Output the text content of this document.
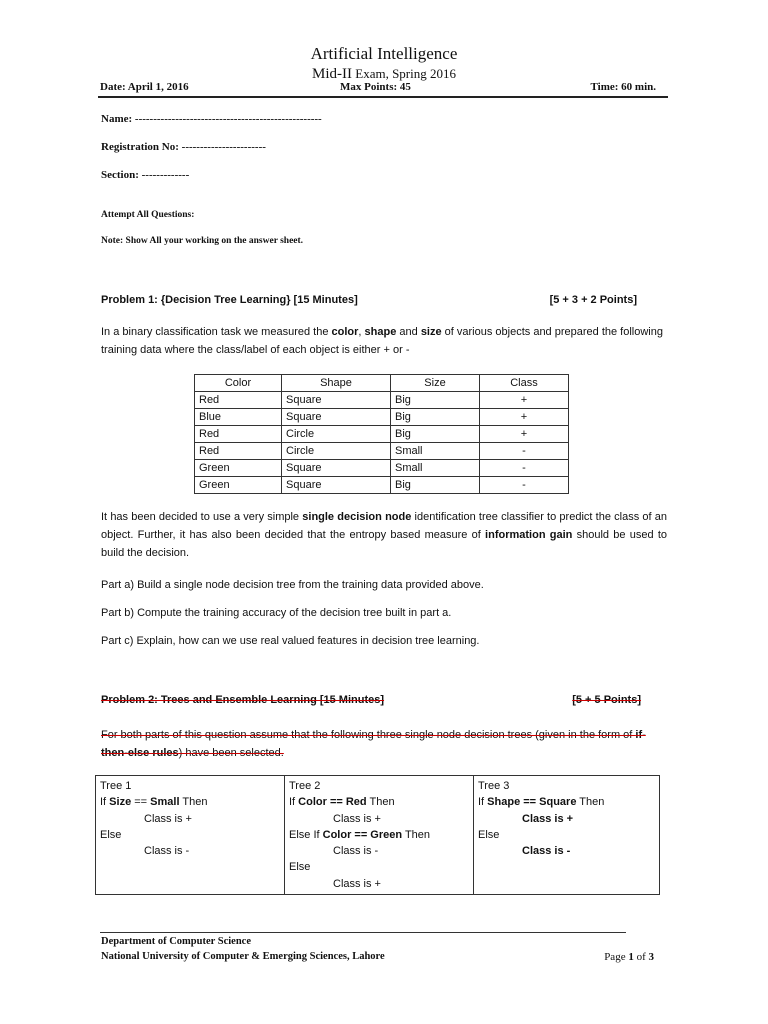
Artificial Intelligence
Mid-II Exam, Spring 2016
Date: April 1, 2016	Max Points: 45	Time: 60 min.
Name: ---------------------------------------------------
Registration No: -----------------------
Section: -------------
Attempt All Questions:
Note: Show All your working on the answer sheet.
Problem 1: {Decision Tree Learning} [15 Minutes]	[5 + 3 + 2 Points]
In a binary classification task we measured the color, shape and size of various objects and prepared the following training data where the class/label of each object is either + or -
Color	Shape	Size	Class
Red	Square	Big	+
Blue	Square	Big	+
Red	Circle	Big	+
Red	Circle	Small	-
Green	Square	Small	-
Green	Square	Big	-
It has been decided to use a very simple single decision node identification tree classifier to predict the class of an object. Further, it has also been decided that the entropy based measure of information gain should be used to build the decision.
Part a) Build a single node decision tree from the training data provided above.
Part b) Compute the training accuracy of the decision tree built in part a.
Part c) Explain, how can we use real valued features in decision tree learning.
Problem 2: Trees and Ensemble Learning [15 Minutes]	[5 + 5 Points]
For both parts of this question assume that the following three single node decision trees (given in the form of if-then-else rules) have been selected.
Tree 1
If Size == Small Then
Class is +
Else
Class is -

Tree 2
If Color == Red Then
Class is +
Else If Color == Green Then
Class is -
Else
Class is +

Tree 3
If Shape == Square Then
Class is +
Else
Class is -
Department of Computer Science
National University of Computer & Emerging Sciences, Lahore	Page 1 of 3
